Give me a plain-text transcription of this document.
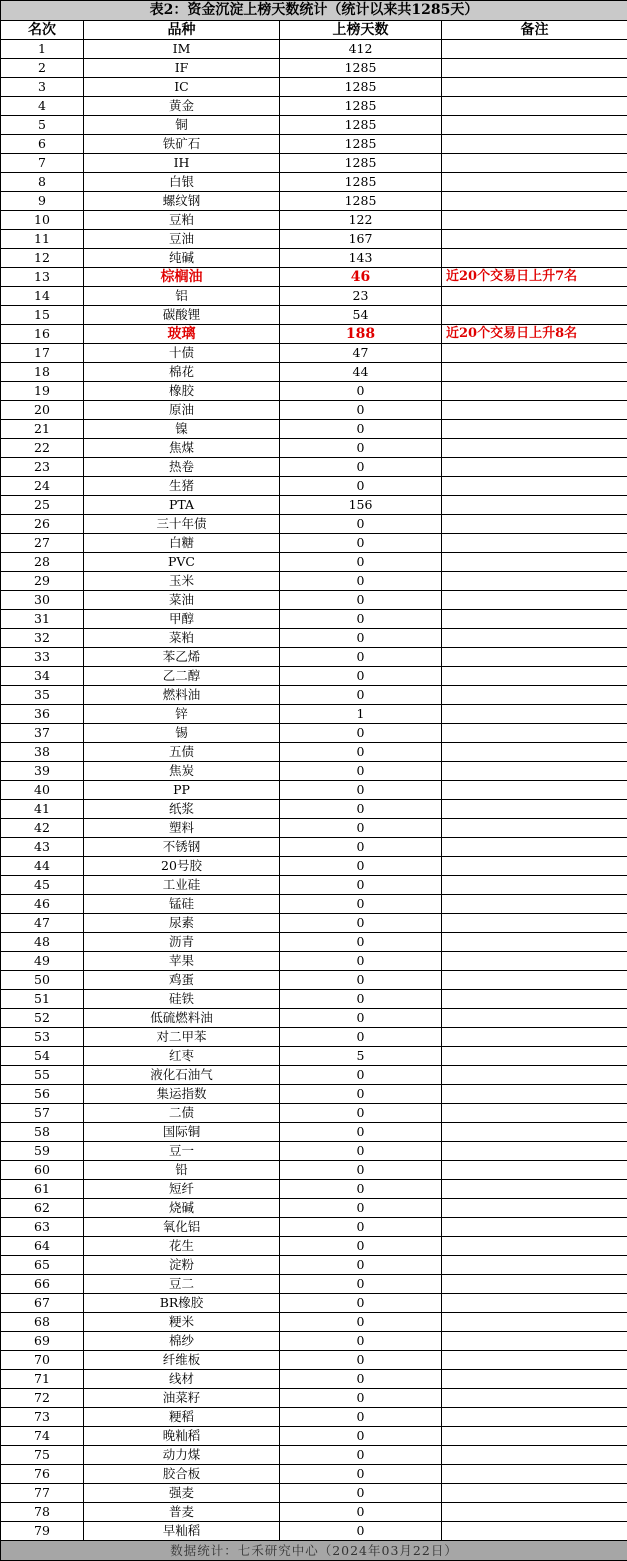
表2：资金沉淀上榜天数统计（统计以来共1285天）			
名次	品种	上榜天数	备注
1	IM	412	
2	IF	1285	
3	IC	1285	
4	黄金	1285	
5	铜	1285	
6	铁矿石	1285	
7	IH	1285	
8	白银	1285	
9	螺纹钢	1285	
10	豆粕	122	
11	豆油	167	
12	纯碱	143	
13	棕榈油	46	近20个交易日上升7名
14	铝	23	
15	碳酸锂	54	
16	玻璃	188	近20个交易日上升8名
17	十债	47	
18	棉花	44	
19	橡胶	0	
20	原油	0	
21	镍	0	
22	焦煤	0	
23	热卷	0	
24	生猪	0	
25	PTA	156	
26	三十年债	0	
27	白糖	0	
28	PVC	0	
29	玉米	0	
30	菜油	0	
31	甲醇	0	
32	菜粕	0	
33	苯乙烯	0	
34	乙二醇	0	
35	燃料油	0	
36	锌	1	
37	锡	0	
38	五债	0	
39	焦炭	0	
40	PP	0	
41	纸浆	0	
42	塑料	0	
43	不锈钢	0	
44	20号胶	0	
45	工业硅	0	
46	锰硅	0	
47	尿素	0	
48	沥青	0	
49	苹果	0	
50	鸡蛋	0	
51	硅铁	0	
52	低硫燃料油	0	
53	对二甲苯	0	
54	红枣	5	
55	液化石油气	0	
56	集运指数	0	
57	二债	0	
58	国际铜	0	
59	豆一	0	
60	铅	0	
61	短纤	0	
62	烧碱	0	
63	氧化铝	0	
64	花生	0	
65	淀粉	0	
66	豆二	0	
67	BR橡胶	0	
68	粳米	0	
69	棉纱	0	
70	纤维板	0	
71	线材	0	
72	油菜籽	0	
73	粳稻	0	
74	晚籼稻	0	
75	动力煤	0	
76	胶合板	0	
77	强麦	0	
78	普麦	0	
79	早籼稻	0	
数据统计：七禾研究中心（2024年03月22日）			
